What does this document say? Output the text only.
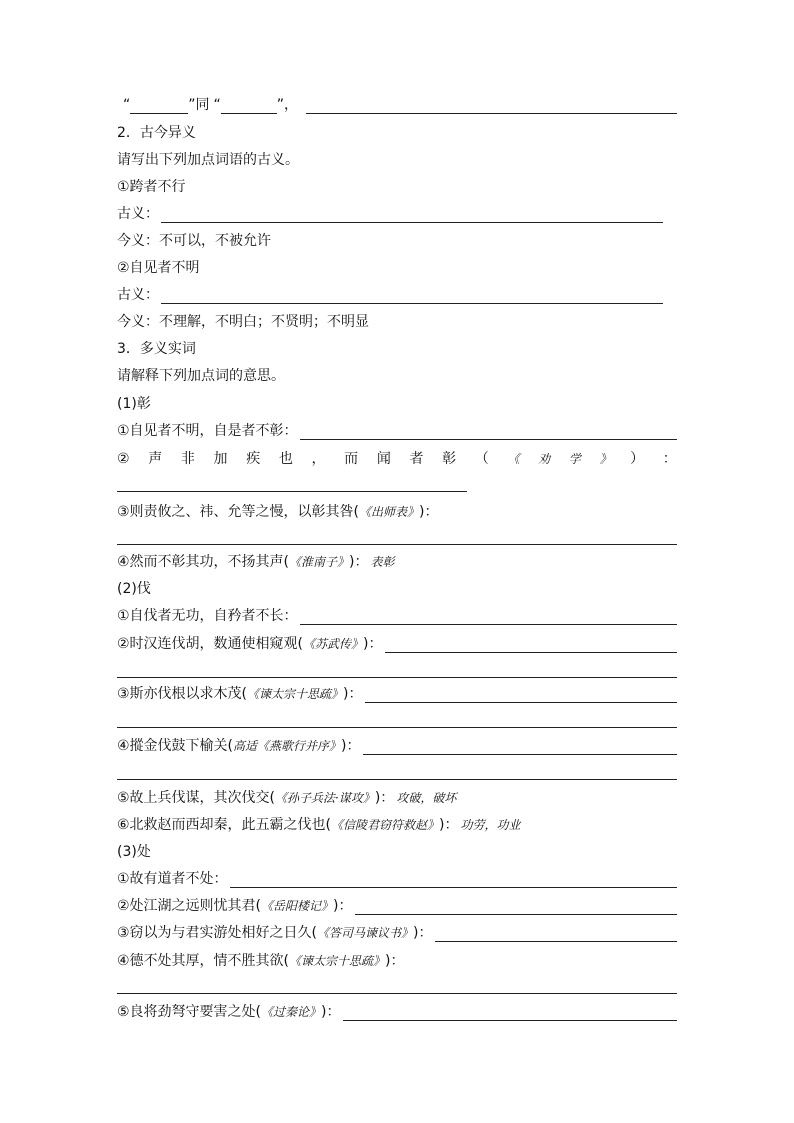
“	”同 “	”，
2．古今异义
请写出下列加点词语的古义。
①跨者不行
古义：
今义：不可以，不被允许
②自见者不明
古义：
今义：不理解，不明白；不贤明；不明显
3．多义实词
请解释下列加点词的意思。
(1)彰
①自见者不明，自是者不彰：
② 声 非 加 疾 也 ， 而 闻 者 彰 （ 《 劝 学 》 ） ：
③则责攸之、祎、允等之慢，以彰其咎( 《出师表》 )：
④然而不彰其功，不扬其声( 《淮南子》 )： 表彰
(2)伐
①自伐者无功，自矜者不长：
②时汉连伐胡，数通使相窥观( 《苏武传》 )：
③斯亦伐根以求木茂( 《谏太宗十思疏》 )：
④摐金伐鼓下榆关( 高适《燕歌行并序》 )：
⑤故上兵伐谋，其次伐交( 《孙子兵法·谋攻》 )： 攻破，破坏
⑥北救赵而西却秦，此五霸之伐也( 《信陵君窃符救赵》 )： 功劳，功业
(3)处
①故有道者不处：
②处江湖之远则忧其君( 《岳阳楼记》 )：
③窃以为与君实游处相好之日久( 《答司马谏议书》 )：
④德不处其厚，情不胜其欲( 《谏太宗十思疏》 )：
⑤良将劲弩守要害之处( 《过秦论》 )：
